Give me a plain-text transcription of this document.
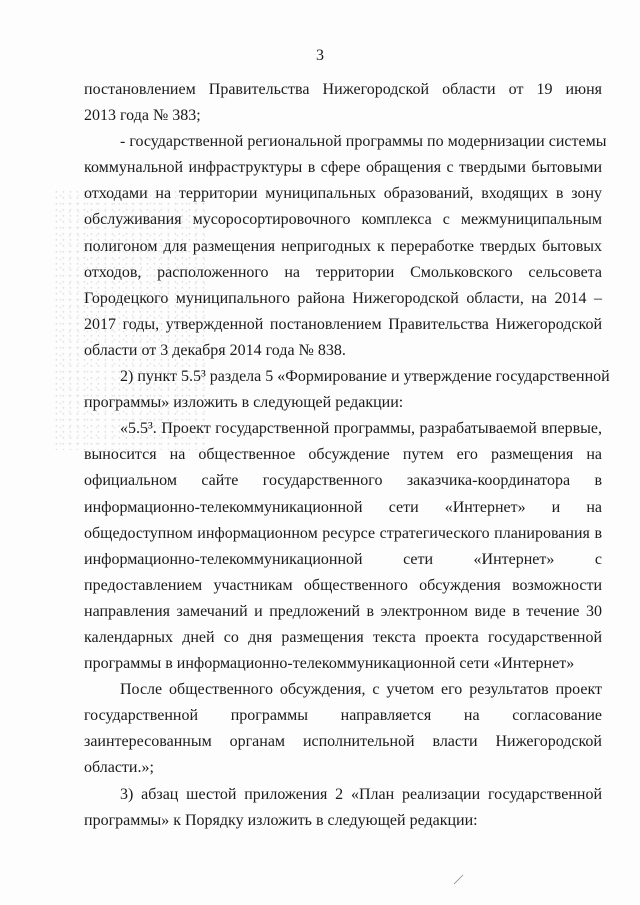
3
постановлением Правительства Нижегородской области от 19 июня
2013 года № 383;
- государственной региональной программы по модернизации системы
коммунальной инфраструктуры в сфере обращения с твердыми бытовыми
отходами на территории муниципальных образований, входящих в зону
обслуживания мусоросортировочного комплекса с межмуниципальным
полигоном для размещения непригодных к переработке твердых бытовых
отходов, расположенного на территории Смольковского сельсовета
Городецкого муниципального района Нижегородской области, на 2014 –
2017 годы, утвержденной постановлением Правительства Нижегородской
области от 3 декабря 2014 года № 838.
2) пункт 5.5³ раздела 5 «Формирование и утверждение государственной
программы» изложить в следующей редакции:
«5.5³. Проект государственной программы, разрабатываемой впервые,
выносится на общественное обсуждение путем его размещения на
официальном сайте государственного заказчика-координатора в
информационно-телекоммуникационной сети «Интернет» и на
общедоступном информационном ресурсе стратегического планирования в
информационно-телекоммуникационной сети «Интернет» с
предоставлением участникам общественного обсуждения возможности
направления замечаний и предложений в электронном виде в течение 30
календарных дней со дня размещения текста проекта государственной
программы в информационно-телекоммуникационной сети «Интернет»
После общественного обсуждения, с учетом его результатов проект
государственной программы направляется на согласование
заинтересованным органам исполнительной власти Нижегородской
области.»;
3) абзац шестой приложения 2 «План реализации государственной
программы» к Порядку изложить в следующей редакции:
